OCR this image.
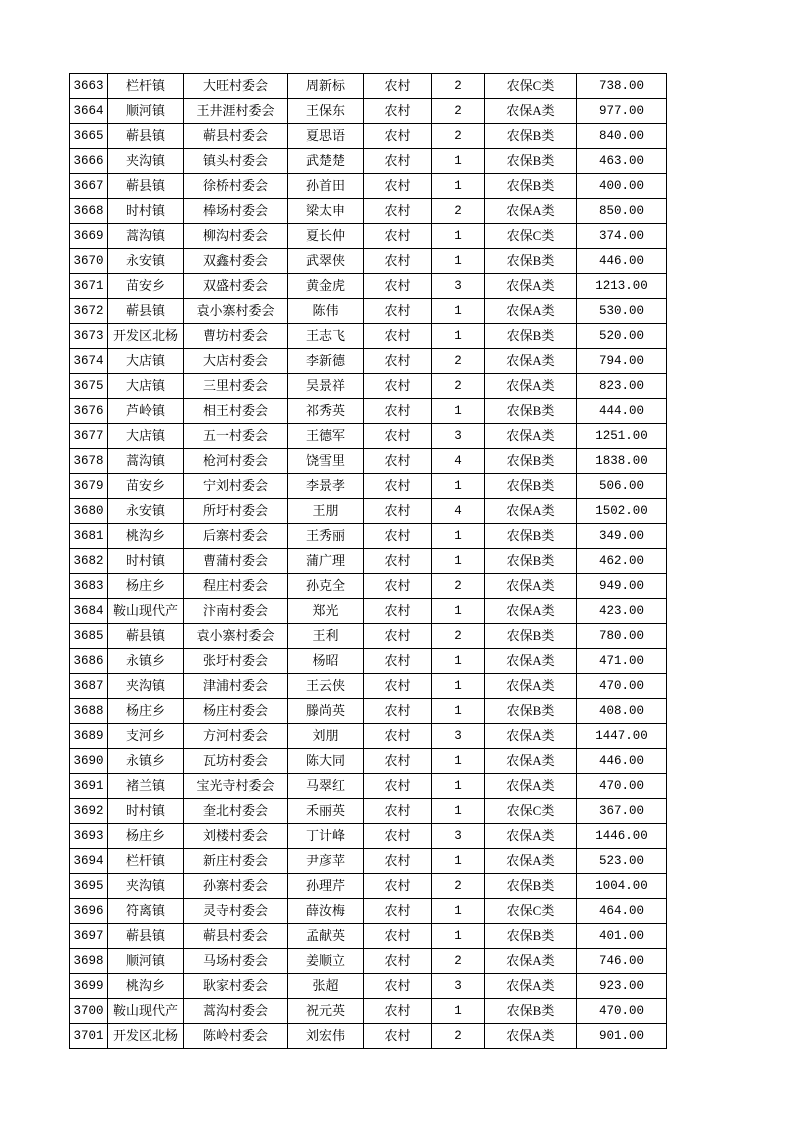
3663	栏杆镇	大旺村委会	周新标	农村	2	农保C类	738.00
3664	顺河镇	王井涯村委会	王保东	农村	2	农保A类	977.00
3665	蕲县镇	蕲县村委会	夏思语	农村	2	农保B类	840.00
3666	夹沟镇	镇头村委会	武楚楚	农村	1	农保B类	463.00
3667	蕲县镇	徐桥村委会	孙首田	农村	1	农保B类	400.00
3668	时村镇	棒场村委会	梁太申	农村	2	农保A类	850.00
3669	蒿沟镇	柳沟村委会	夏长仲	农村	1	农保C类	374.00
3670	永安镇	双鑫村委会	武翠侠	农村	1	农保B类	446.00
3671	苗安乡	双盛村委会	黄金虎	农村	3	农保A类	1213.00
3672	蕲县镇	袁小寨村委会	陈伟	农村	1	农保A类	530.00
3673	开发区北杨	曹坊村委会	王志飞	农村	1	农保B类	520.00
3674	大店镇	大店村委会	李新德	农村	2	农保A类	794.00
3675	大店镇	三里村委会	吴景祥	农村	2	农保A类	823.00
3676	芦岭镇	相王村委会	祁秀英	农村	1	农保B类	444.00
3677	大店镇	五一村委会	王德军	农村	3	农保A类	1251.00
3678	蒿沟镇	枪河村委会	饶雪里	农村	4	农保B类	1838.00
3679	苗安乡	宁刘村委会	李景孝	农村	1	农保B类	506.00
3680	永安镇	所圩村委会	王朋	农村	4	农保A类	1502.00
3681	桃沟乡	后寨村委会	王秀丽	农村	1	农保B类	349.00
3682	时村镇	曹蒲村委会	蒲广理	农村	1	农保B类	462.00
3683	杨庄乡	程庄村委会	孙克全	农村	2	农保A类	949.00
3684	鞍山现代产	汴南村委会	郑光	农村	1	农保A类	423.00
3685	蕲县镇	袁小寨村委会	王利	农村	2	农保B类	780.00
3686	永镇乡	张圩村委会	杨昭	农村	1	农保A类	471.00
3687	夹沟镇	津浦村委会	王云侠	农村	1	农保A类	470.00
3688	杨庄乡	杨庄村委会	滕尚英	农村	1	农保B类	408.00
3689	支河乡	方河村委会	刘朋	农村	3	农保A类	1447.00
3690	永镇乡	瓦坊村委会	陈大同	农村	1	农保A类	446.00
3691	褚兰镇	宝光寺村委会	马翠红	农村	1	农保A类	470.00
3692	时村镇	奎北村委会	禾丽英	农村	1	农保C类	367.00
3693	杨庄乡	刘楼村委会	丁计峰	农村	3	农保A类	1446.00
3694	栏杆镇	新庄村委会	尹彦苹	农村	1	农保A类	523.00
3695	夹沟镇	孙寨村委会	孙理芹	农村	2	农保B类	1004.00
3696	符离镇	灵寺村委会	薛汝梅	农村	1	农保C类	464.00
3697	蕲县镇	蕲县村委会	孟献英	农村	1	农保B类	401.00
3698	顺河镇	马场村委会	姜顺立	农村	2	农保A类	746.00
3699	桃沟乡	耿家村委会	张超	农村	3	农保A类	923.00
3700	鞍山现代产	蒿沟村委会	祝元英	农村	1	农保B类	470.00
3701	开发区北杨	陈岭村委会	刘宏伟	农村	2	农保A类	901.00
